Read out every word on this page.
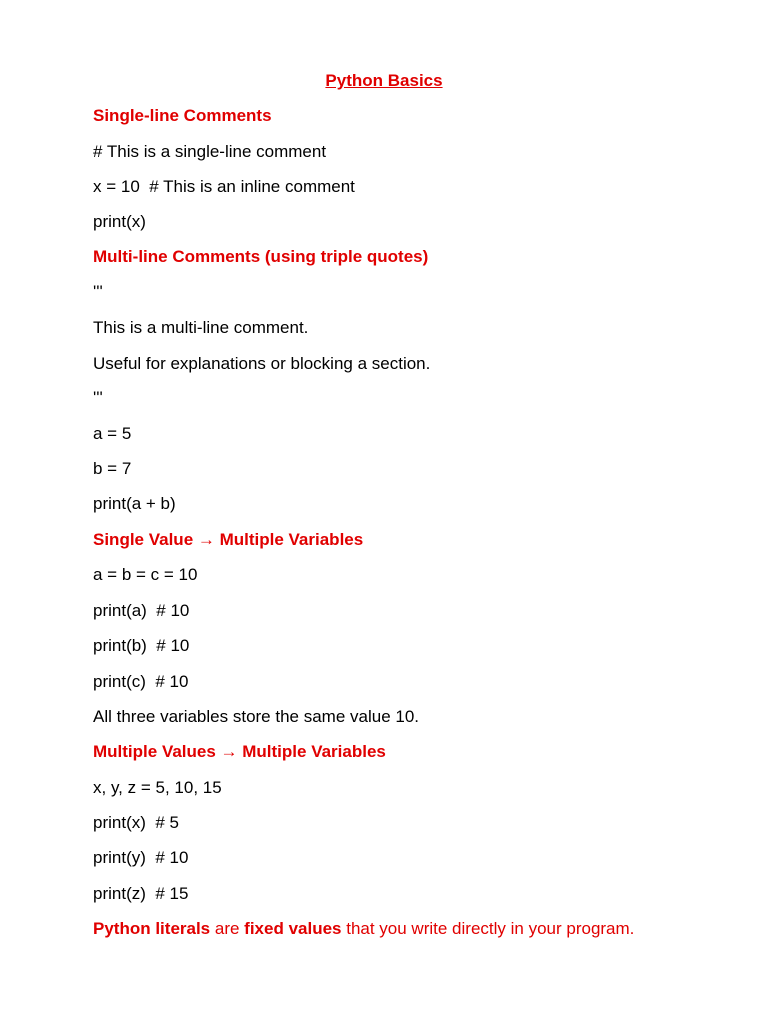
Python Basics
Single-line Comments
# This is a single-line comment
x = 10  # This is an inline comment
print(x)
Multi-line Comments (using triple quotes)
'''
This is a multi-line comment.
Useful for explanations or blocking a section.
'''
a = 5
b = 7
print(a + b)
Single Value → Multiple Variables
a = b = c = 10
print(a)  # 10
print(b)  # 10
print(c)  # 10
All three variables store the same value 10.
Multiple Values → Multiple Variables
x, y, z = 5, 10, 15
print(x)  # 5
print(y)  # 10
print(z)  # 15
Python literals are fixed values that you write directly in your program.
